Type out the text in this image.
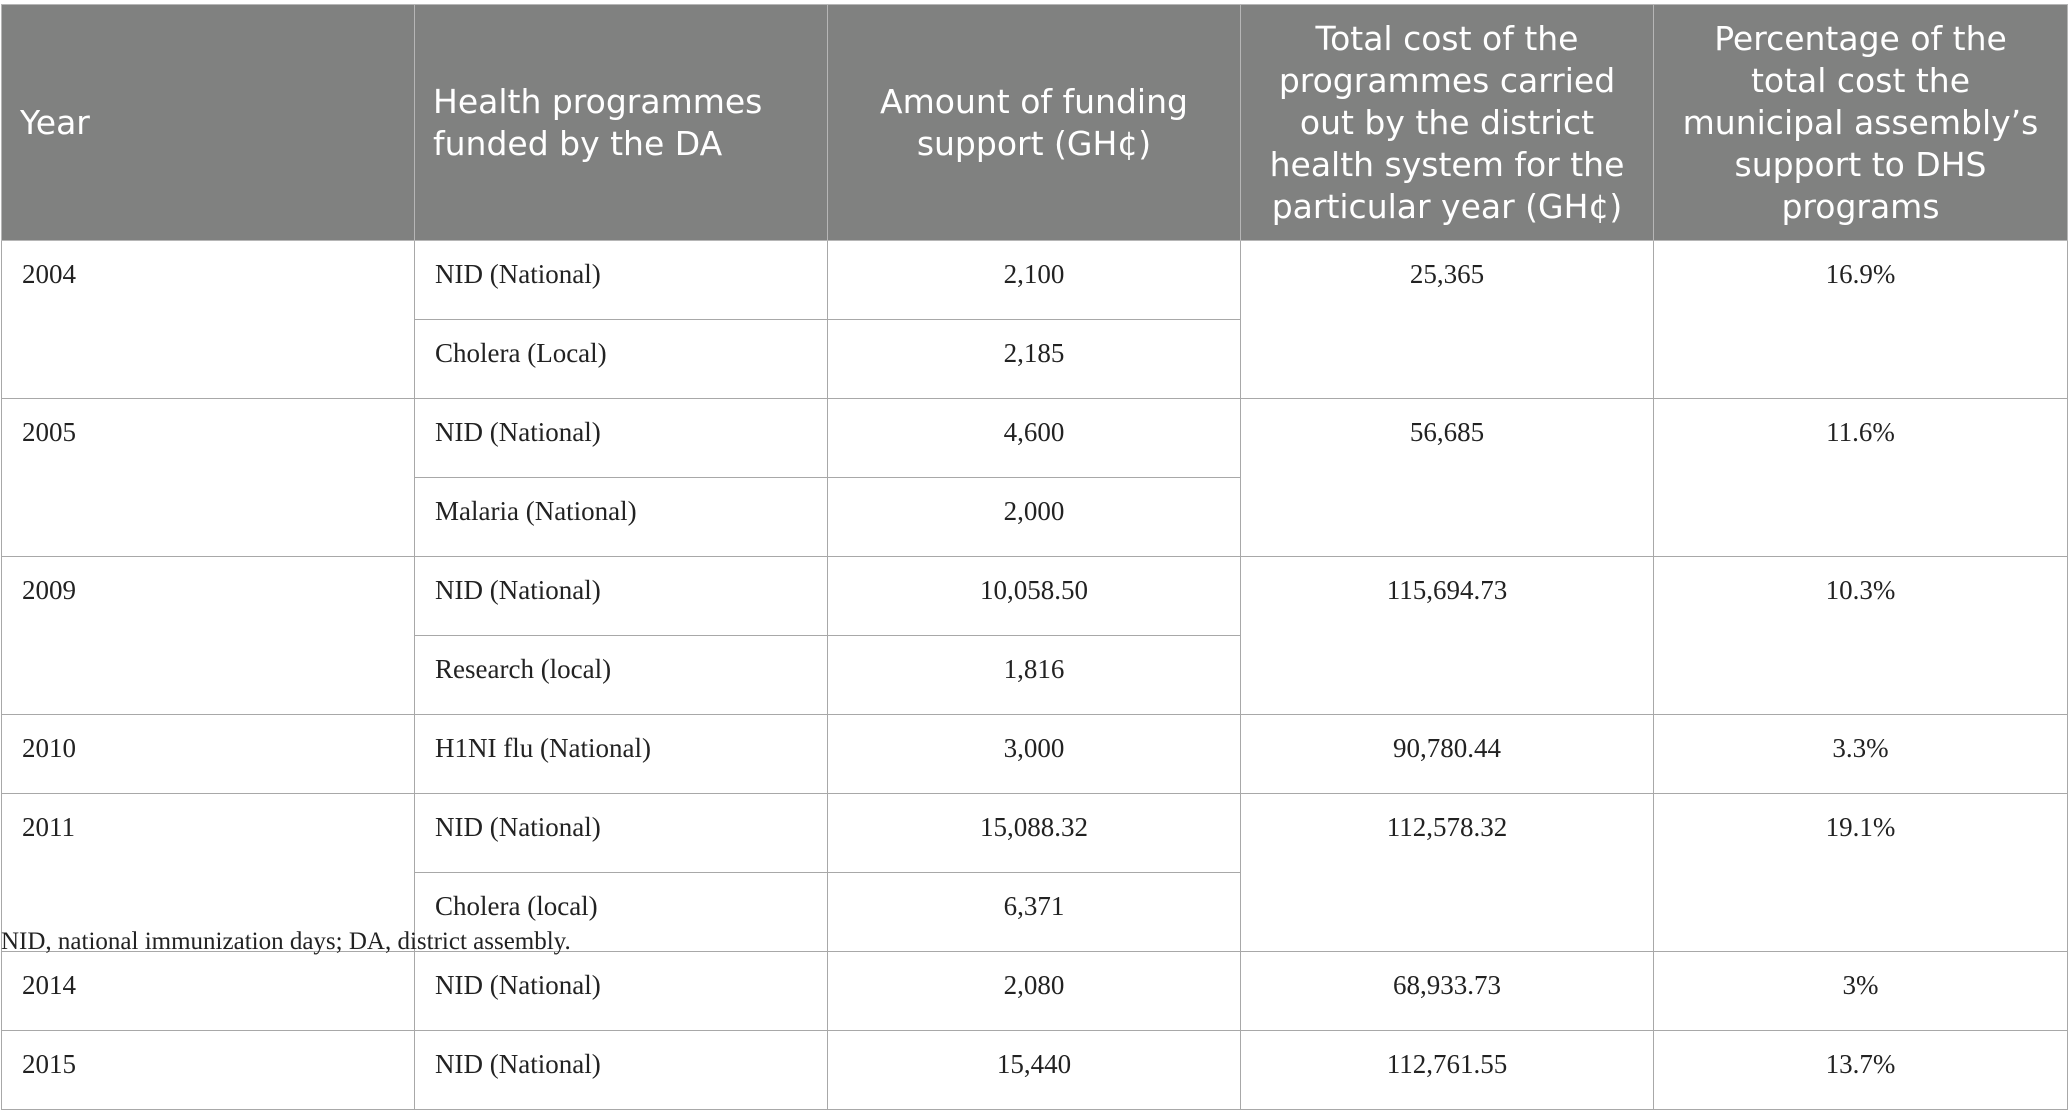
Year	Health programmes funded by the DA	Amount of funding support (GH¢)	Total cost of the programmes carried out by the district health system for the particular year (GH¢)	Percentage of the total cost the municipal assembly’s support to DHS programs
2004	NID (National)	2,100	25,365	16.9%
	Cholera (Local)	2,185		
2005	NID (National)	4,600	56,685	11.6%
	Malaria (National)	2,000		
2009	NID (National)	10,058.50	115,694.73	10.3%
	Research (local)	1,816		
2010	H1NI flu (National)	3,000	90,780.44	3.3%
2011	NID (National)	15,088.32	112,578.32	19.1%
	Cholera (local)	6,371		
2014	NID (National)	2,080	68,933.73	3%
2015	NID (National)	15,440	112,761.55	13.7%
NID, national immunization days; DA, district assembly.
